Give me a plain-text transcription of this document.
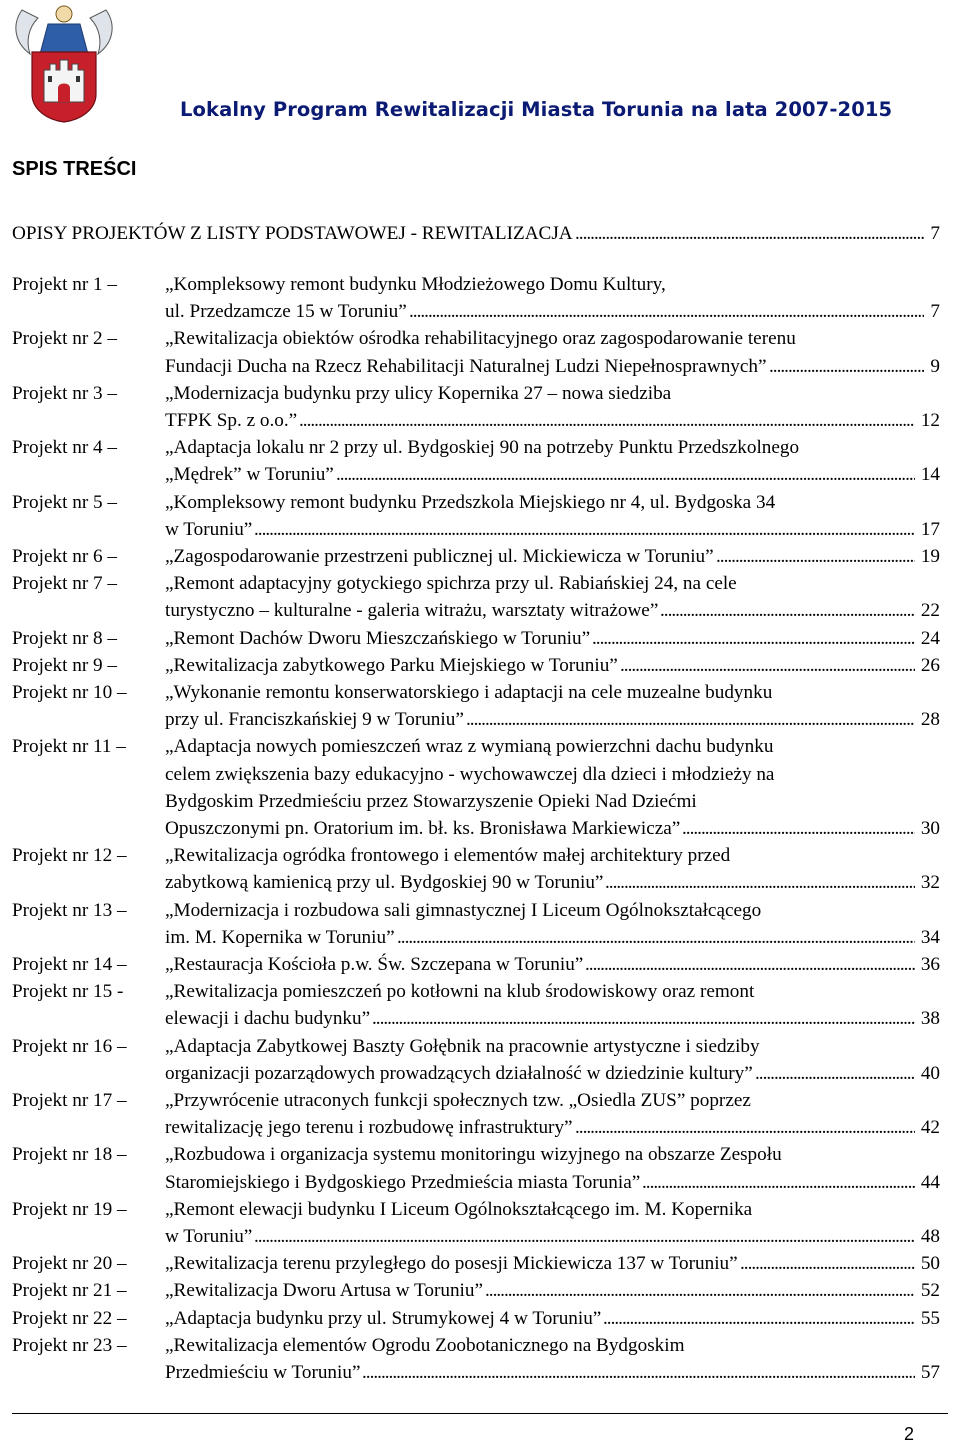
Lokalny Program Rewitalizacji Miasta Torunia na lata 2007-2015
SPIS TREŚCI
OPISY PROJEKTÓW Z LISTY PODSTAWOWEJ - REWITALIZACJA . . .	7
Projekt nr 1 –	„Kompleksowy remont budynku Młodzieżowego Domu Kultury,
ul. Przedzamcze 15 w Toruniu” . . .	7
Projekt nr 2 –	„Rewitalizacja obiektów ośrodka rehabilitacyjnego oraz zagospodarowanie terenu
Fundacji Ducha na Rzecz Rehabilitacji Naturalnej Ludzi Niepełnosprawnych” . . .	9
Projekt nr 3 –	„Modernizacja budynku przy ulicy Kopernika 27 – nowa siedziba
TFPK Sp. z o.o.” . . .	12
Projekt nr 4 –	„Adaptacja lokalu nr 2 przy ul. Bydgoskiej 90 na potrzeby Punktu Przedszkolnego
„Mędrek” w Toruniu” . . .	14
Projekt nr 5 –	„Kompleksowy remont budynku Przedszkola Miejskiego nr 4, ul. Bydgoska 34
w Toruniu” . . .	17
Projekt nr 6 –	„Zagospodarowanie przestrzeni publicznej ul. Mickiewicza w Toruniu” . . .	19
Projekt nr 7 –	„Remont adaptacyjny gotyckiego spichrza przy ul. Rabiańskiej 24, na cele
turystyczno – kulturalne - galeria witrażu, warsztaty witrażowe” . . .	22
Projekt nr 8 –	„Remont Dachów Dworu Mieszczańskiego w Toruniu” . . .	24
Projekt nr 9 –	„Rewitalizacja zabytkowego Parku Miejskiego w Toruniu” . . .	26
Projekt nr 10 – „Wykonanie remontu konserwatorskiego i adaptacji na cele muzealne budynku
przy ul. Franciszkańskiej 9 w Toruniu” . . .	28
Projekt nr 11 – „Adaptacja nowych pomieszczeń wraz z wymianą powierzchni dachu budynku
celem zwiększenia bazy edukacyjno - wychowawczej dla dzieci i młodzieży na
Bydgoskim Przedmieściu przez Stowarzyszenie Opieki Nad Dziećmi
Opuszczonymi pn. Oratorium im. bł. ks. Bronisława Markiewicza” . . .	30
Projekt nr 12 – „Rewitalizacja ogródka frontowego i elementów małej architektury przed
zabytkową kamienicą przy ul. Bydgoskiej 90 w Toruniu” . . .	32
Projekt nr 13 – „Modernizacja i rozbudowa sali gimnastycznej I Liceum Ogólnokształcącego
im. M. Kopernika w Toruniu” . . .	34
Projekt nr 14 – „Restauracja Kościoła p.w. Św. Szczepana w Toruniu” . . .	36
Projekt nr 15 - „Rewitalizacja pomieszczeń po kotłowni na klub środowiskowy oraz remont
elewacji i dachu budynku” . . .	38
Projekt nr 16 – „Adaptacja Zabytkowej Baszty Gołębnik na pracownie artystyczne i siedziby
organizacji pozarządowych prowadzących działalność w dziedzinie kultury” . . .	40
Projekt nr 17 – „Przywrócenie utraconych funkcji społecznych tzw. „Osiedla ZUS” poprzez
rewitalizację jego terenu i rozbudowę infrastruktury” . . .	42
Projekt nr 18 – „Rozbudowa i organizacja systemu monitoringu wizyjnego na obszarze Zespołu
Staromiejskiego i Bydgoskiego Przedmieścia miasta Torunia” . . .	44
Projekt nr 19 – „Remont elewacji budynku I Liceum Ogólnokształcącego im. M. Kopernika
w Toruniu” . . .	48
Projekt nr 20 – „Rewitalizacja terenu przyległego do posesji Mickiewicza 137 w Toruniu” . . .	50
Projekt nr 21 – „Rewitalizacja Dworu Artusa w Toruniu” . . .	52
Projekt nr 22 – „Adaptacja budynku przy ul. Strumykowej 4 w Toruniu” . . .	55
Projekt nr 23 – „Rewitalizacja elementów Ogrodu Zoobotanicznego na Bydgoskim
Przedmieściu w Toruniu” . . .	57
2
